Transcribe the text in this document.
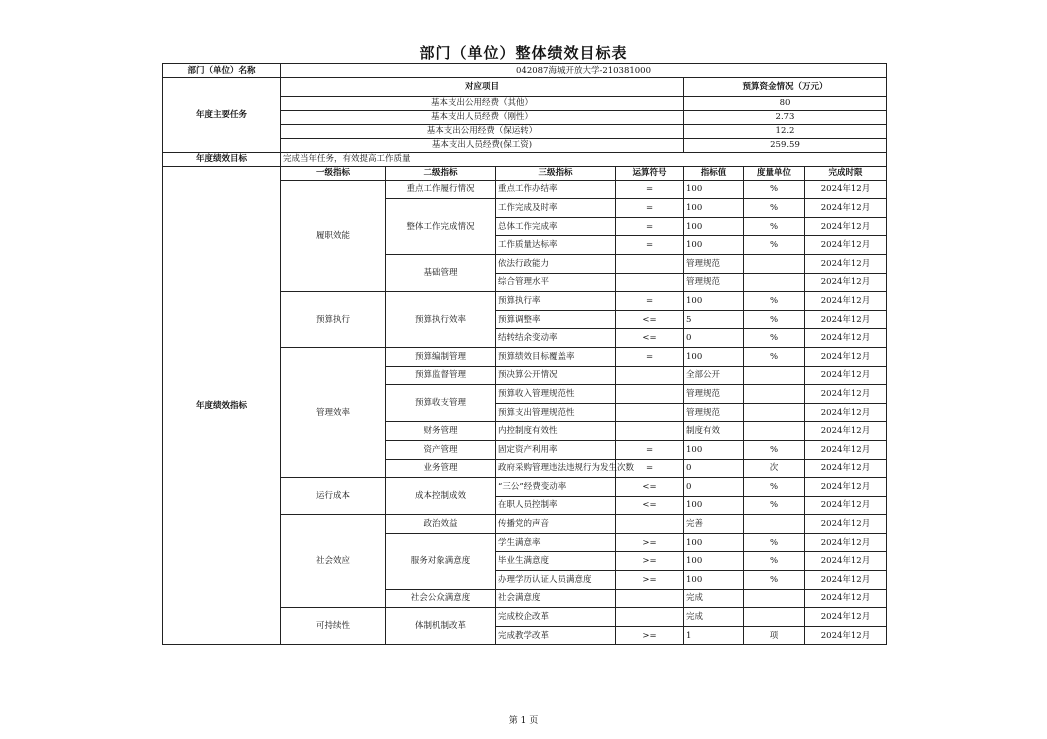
部门（单位）整体绩效目标表
部门（单位）名称	042087海城开放大学-210381000						
年度主要任务	对应项目				预算资金情况（万元）		
	基本支出公用经费（其他）				80		
	基本支出人员经费（刚性）				2.73		
	基本支出公用经费（保运转）				12.2		
	基本支出人员经费(保工资)				259.59		
年度绩效目标	完成当年任务，有效提高工作质量						
年度绩效指标	一级指标	二级指标	三级指标	运算符号	指标值	度量单位	完成时限
	履职效能	重点工作履行情况	重点工作办结率	=	100	%	2024年12月
		整体工作完成情况	工作完成及时率	=	100	%	2024年12月
			总体工作完成率	=	100	%	2024年12月
			工作质量达标率	=	100	%	2024年12月
		基础管理	依法行政能力		管理规范		2024年12月
			综合管理水平		管理规范		2024年12月
	预算执行	预算执行效率	预算执行率	=	100	%	2024年12月
			预算调整率	<=	5	%	2024年12月
			结转结余变动率	<=	0	%	2024年12月
	管理效率	预算编制管理	预算绩效目标覆盖率	=	100	%	2024年12月
		预算监督管理	预决算公开情况		全部公开		2024年12月
		预算收支管理	预算收入管理规范性		管理规范		2024年12月
			预算支出管理规范性		管理规范		2024年12月
		财务管理	内控制度有效性		制度有效		2024年12月
		资产管理	固定资产利用率	=	100	%	2024年12月
		业务管理	政府采购管理违法违规行为发生次数	=	0	次	2024年12月
	运行成本	成本控制成效	“三公”经费变动率	<=	0	%	2024年12月
			在职人员控制率	<=	100	%	2024年12月
	社会效应	政治效益	传播党的声音		完善		2024年12月
		服务对象满意度	学生满意率	>=	100	%	2024年12月
			毕业生满意度	>=	100	%	2024年12月
			办理学历认证人员满意度	>=	100	%	2024年12月
		社会公众满意度	社会满意度		完成		2024年12月
	可持续性	体制机制改革	完成校企改革		完成		2024年12月
			完成教学改革	>=	1	项	2024年12月
第 1 页
